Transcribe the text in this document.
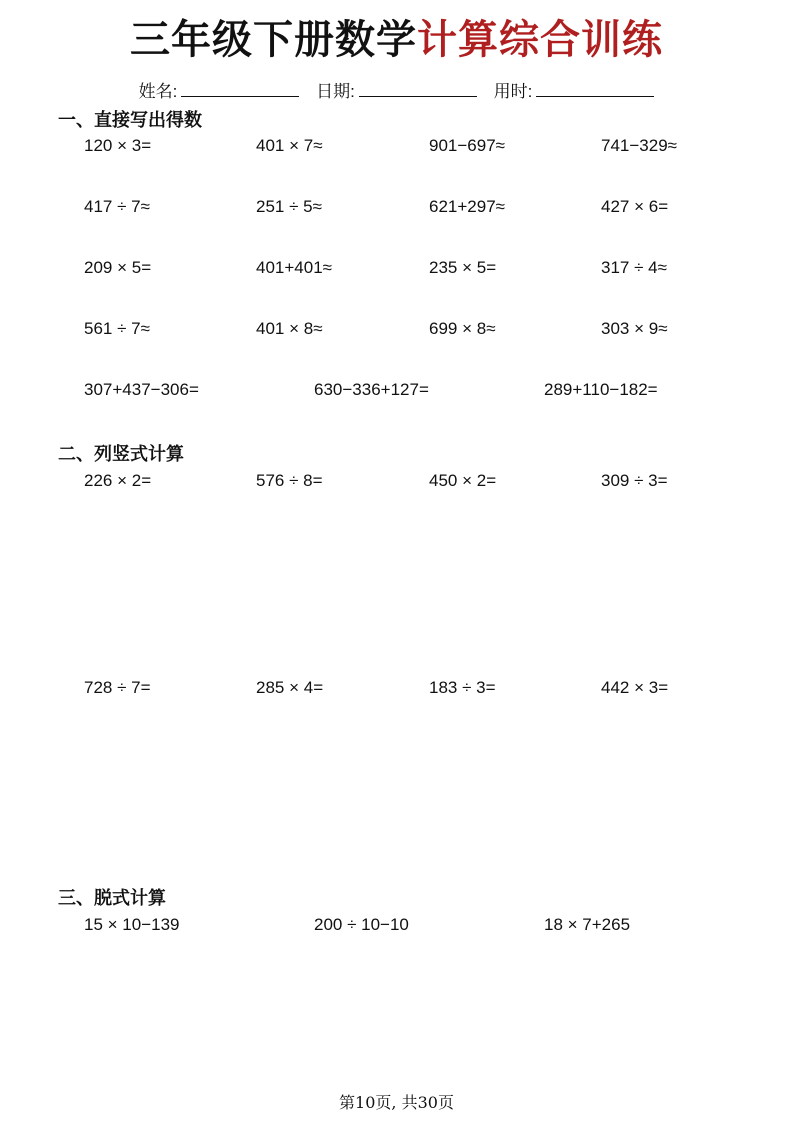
三年级下册数学计算综合训练
姓名:	日期:	用时:
一、直接写出得数
120 × 3=	401 × 7≈	901−697≈	741−329≈
417 ÷ 7≈	251 ÷ 5≈	621+297≈	427 × 6=
209 × 5=	401+401≈	235 × 5=	317 ÷ 4≈
561 ÷ 7≈	401 × 8≈	699 × 8≈	303 × 9≈
307+437−306=	630−336+127=	289+110−182=
二、列竖式计算
226 × 2=	576 ÷ 8=	450 × 2=	309 ÷ 3=
728 ÷ 7=	285 × 4=	183 ÷ 3=	442 × 3=
三、脱式计算
15 × 10−139	200 ÷ 10−10	18 × 7+265
第10页, 共30页
